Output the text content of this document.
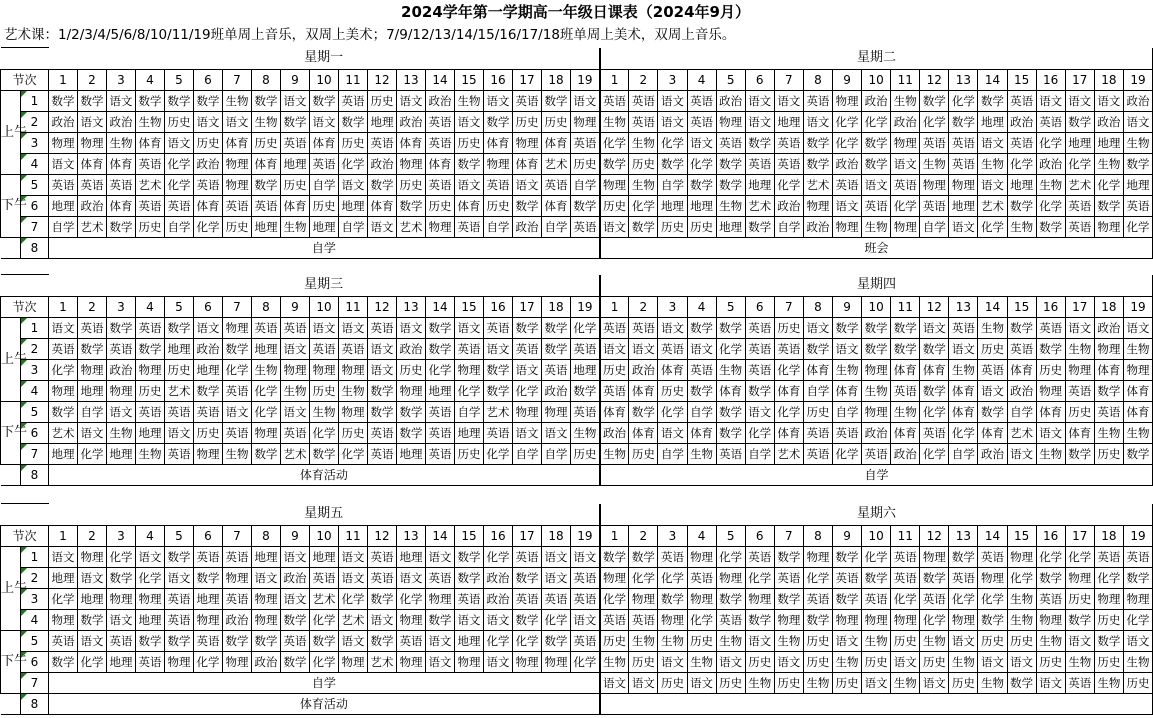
2024学年第一学期高一年级日课表（2024年9月）
艺术课：1/2/3/4/5/6/8/10/11/19班单周上音乐，双周上美术；7/9/12/13/14/15/16/17/18班单周上美术，双周上音乐。
		星期一																			星期二																		
节次		1	2	3	4	5	6	7	8	9	10	11	12	13	14	15	16	17	18	19	1	2	3	4	5	6	7	8	9	10	11	12	13	14	15	16	17	18	19
上午	1	数学	数学	语文	数学	数学	数学	生物	数学	语文	数学	英语	历史	语文	政治	生物	语文	英语	数学	语文	英语	英语	语文	英语	政治	语文	语文	英语	物理	政治	生物	数学	化学	数学	英语	语文	语文	语文	政治
	2	政治	语文	政治	生物	历史	语文	语文	生物	数学	语文	数学	地理	政治	英语	语文	数学	历史	历史	物理	生物	英语	语文	英语	物理	语文	地理	语文	化学	化学	政治	化学	数学	地理	政治	英语	数学	政治	语文
	3	物理	物理	生物	体育	语文	历史	体育	历史	英语	体育	历史	英语	体育	英语	历史	体育	物理	体育	英语	化学	生物	化学	语文	英语	数学	英语	数学	化学	数学	物理	英语	英语	语文	英语	化学	地理	地理	生物
	4	语文	体育	体育	英语	化学	政治	物理	体育	地理	英语	化学	政治	物理	体育	数学	物理	体育	艺术	历史	数学	历史	数学	化学	数学	英语	英语	数学	政治	数学	语文	生物	英语	生物	化学	政治	化学	生物	数学
下午	5	英语	英语	英语	艺术	化学	英语	物理	数学	历史	自学	语文	数学	历史	英语	语文	英语	语文	英语	自学	物理	生物	自学	数学	数学	地理	化学	艺术	英语	语文	英语	物理	物理	语文	地理	生物	艺术	化学	地理
	6	地理	政治	体育	英语	英语	体育	英语	英语	体育	历史	地理	体育	数学	历史	体育	历史	数学	体育	数学	历史	化学	地理	地理	生物	艺术	政治	物理	语文	英语	化学	英语	地理	艺术	数学	化学	英语	数学	英语
	7	自学	艺术	数学	历史	自学	化学	历史	地理	生物	地理	自学	语文	艺术	物理	英语	自学	政治	自学	英语	语文	数学	历史	历史	地理	数学	自学	政治	物理	生物	物理	自学	语文	化学	生物	数学	英语	物理	化学
	8	自学																			班会																		
		星期三																			星期四																		
节次		1	2	3	4	5	6	7	8	9	10	11	12	13	14	15	16	17	18	19	1	2	3	4	5	6	7	8	9	10	11	12	13	14	15	16	17	18	19
上午	1	语文	英语	数学	英语	数学	语文	物理	英语	英语	语文	语文	英语	语文	数学	语文	英语	数学	数学	化学	英语	英语	语文	数学	数学	英语	历史	语文	数学	数学	数学	语文	英语	生物	数学	英语	语文	政治	语文
	2	英语	数学	英语	数学	地理	政治	数学	地理	语文	英语	英语	语文	政治	数学	英语	语文	英语	数学	英语	语文	语文	英语	语文	化学	英语	英语	数学	语文	数学	数学	数学	语文	历史	英语	数学	生物	物理	生物
	3	化学	物理	政治	物理	历史	地理	化学	生物	物理	物理	物理	语文	历史	化学	物理	数学	语文	英语	地理	历史	政治	体育	英语	生物	英语	化学	体育	生物	物理	体育	体育	生物	英语	体育	历史	物理	体育	物理
	4	物理	地理	物理	历史	艺术	数学	英语	化学	生物	历史	生物	数学	物理	地理	化学	数学	化学	政治	数学	英语	体育	历史	数学	体育	数学	体育	自学	体育	生物	英语	数学	体育	语文	政治	物理	英语	数学	体育
下午	5	数学	自学	语文	英语	英语	英语	语文	化学	语文	生物	物理	数学	数学	英语	自学	艺术	物理	物理	英语	体育	数学	化学	自学	数学	语文	化学	历史	自学	物理	生物	化学	体育	数学	自学	体育	历史	英语	体育
	6	艺术	语文	生物	地理	语文	历史	英语	物理	英语	化学	历史	英语	数学	英语	地理	英语	语文	语文	生物	政治	体育	语文	体育	数学	化学	体育	英语	英语	政治	体育	英语	化学	体育	艺术	语文	体育	生物	生物
	7	地理	化学	地理	生物	英语	物理	生物	数学	艺术	数学	化学	英语	地理	英语	历史	化学	自学	自学	历史	生物	历史	自学	生物	英语	自学	艺术	英语	化学	英语	政治	化学	自学	政治	语文	生物	数学	历史	数学
	8	体育活动																			自学																		
		星期五																			星期六																		
节次		1	2	3	4	5	6	7	8	9	10	11	12	13	14	15	16	17	18	19	1	2	3	4	5	6	7	8	9	10	11	12	13	14	15	16	17	18	19
上午	1	语文	物理	化学	语文	数学	英语	英语	地理	语文	地理	语文	英语	地理	语文	数学	化学	英语	语文	语文	数学	数学	英语	物理	化学	英语	数学	物理	数学	化学	英语	物理	数学	英语	物理	化学	化学	英语	英语
	2	地理	语文	数学	化学	语文	数学	物理	语文	政治	英语	语文	英语	语文	英语	数学	政治	数学	语文	英语	物理	化学	化学	英语	物理	化学	英语	化学	英语	数学	英语	数学	英语	物理	化学	数学	物理	化学	数学
	3	化学	地理	物理	物理	英语	地理	英语	物理	语文	艺术	化学	数学	化学	物理	英语	政治	英语	英语	英语	化学	物理	数学	物理	数学	物理	数学	英语	数学	英语	化学	英语	化学	化学	生物	英语	历史	物理	物理
	4	物理	数学	语文	地理	英语	物理	政治	物理	数学	化学	艺术	语文	物理	数学	语文	语文	数学	化学	语文	英语	英语	物理	化学	英语	数学	物理	数学	物理	物理	物理	化学	物理	数学	生物	物理	数学	历史	化学
下午	5	英语	语文	英语	数学	数学	英语	数学	数学	英语	数学	语文	数学	英语	语文	地理	化学	化学	数学	英语	历史	生物	生物	历史	生物	语文	生物	历史	语文	生物	历史	生物	语文	历史	历史	生物	语文	数学	语文
	6	数学	化学	地理	英语	物理	化学	物理	政治	数学	化学	物理	艺术	物理	语文	物理	语文	物理	物理	化学	生物	历史	语文	生物	语文	历史	语文	历史	生物	历史	语文	历史	生物	语文	语文	历史	生物	历史	生物
	7	自学																			语文	语文	历史	语文	历史	生物	历史	生物	历史	语文	生物	语文	历史	生物	数学	语文	英语	生物	历史
	8	体育活动																																					
